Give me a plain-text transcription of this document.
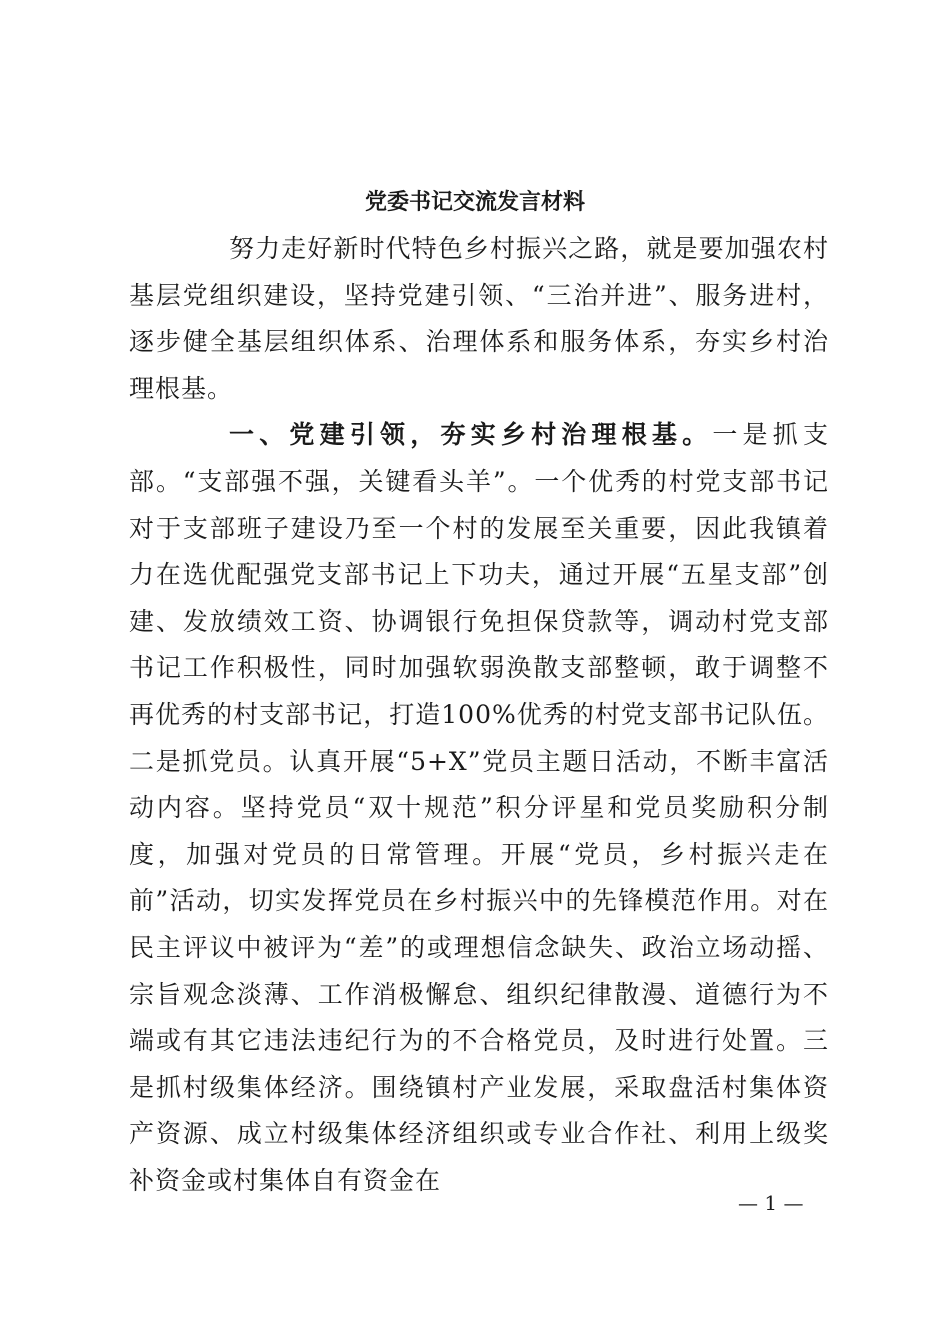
党委书记交流发言材料

努力走好新时代特色乡村振兴之路，就是要加强农村基层党组织建设，坚持党建引领、“三治并进”、服务进村，逐步健全基层组织体系、治理体系和服务体系，夯实乡村治理根基。

一、党建引领，夯实乡村治理根基。一是抓支部。“支部强不强，关键看头羊”。一个优秀的村党支部书记对于支部班子建设乃至一个村的发展至关重要，因此我镇着力在选优配强党支部书记上下功夫，通过开展“五星支部”创建、发放绩效工资、协调银行免担保贷款等，调动村党支部书记工作积极性，同时加强软弱涣散支部整顿，敢于调整不再优秀的村支部书记，打造100%优秀的村党支部书记队伍。二是抓党员。认真开展“5+X”党员主题日活动，不断丰富活动内容。坚持党员“双十规范”积分评星和党员奖励积分制度，加强对党员的日常管理。开展“党员，乡村振兴走在前”活动，切实发挥党员在乡村振兴中的先锋模范作用。对在民主评议中被评为“差”的或理想信念缺失、政治立场动摇、宗旨观念淡薄、工作消极懈怠、组织纪律散漫、道德行为不端或有其它违法违纪行为的不合格党员，及时进行处置。三是抓村级集体经济。围绕镇村产业发展，采取盘活村集体资产资源、成立村级集体经济组织或专业合作社、利用上级奖补资金或村集体自有资金在

— 1 —
